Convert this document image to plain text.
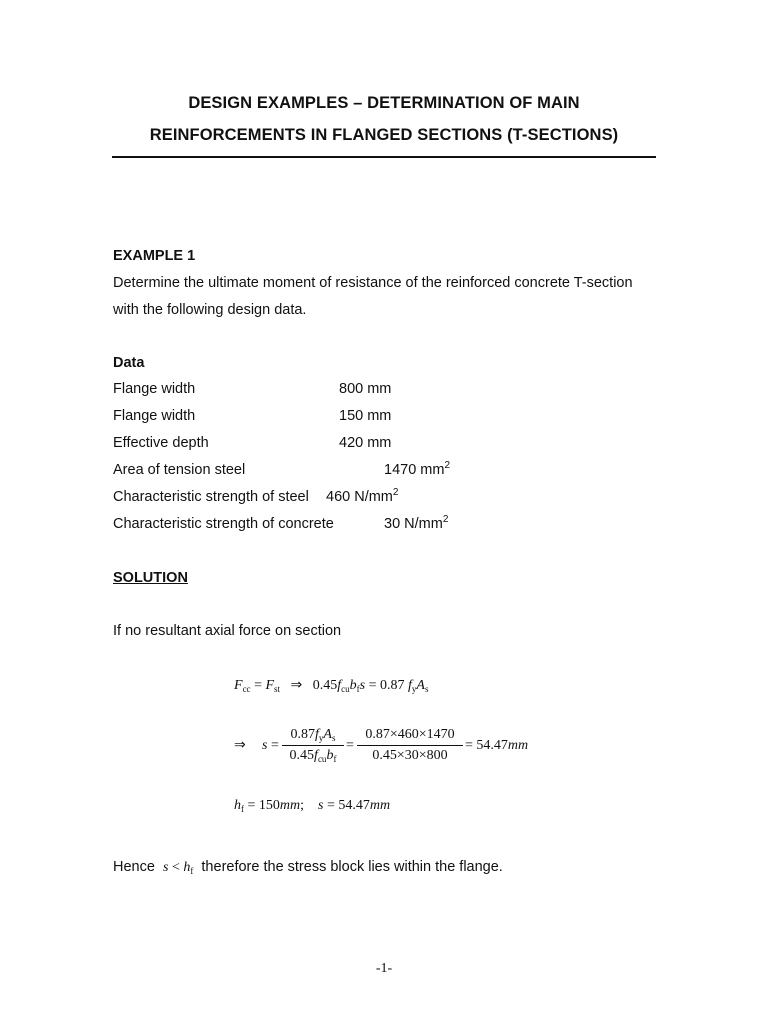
DESIGN EXAMPLES – DETERMINATION OF MAIN
REINFORCEMENTS IN FLANGED SECTIONS (T-SECTIONS)
EXAMPLE 1
Determine the ultimate moment of resistance of the reinforced concrete T-section
with the following design data.
Data
Flange width	800 mm
Flange width	150 mm
Effective depth	420 mm
Area of tension steel	1470 $mm^2$
Characteristic strength of steel 460 $N/mm^2$
Characteristic strength of concrete	30 $N/mm^2$
SOLUTION
If no resultant axial force on section
$F_{cc} = F_{st}$ ⇒ $0.45f_{cu}b_fs = 0.87$ $f_yA_s$
⇒ s =
$0.87f_yA_s$
$0.45f_{cu}b_f$
=
0.87×460×1470
0.45×30×800
= 54.47mm
$h_f = 150mm$; s = 54.47mm
Hence $s < h_f$ therefore the stress block lies within the flange.
-1-
